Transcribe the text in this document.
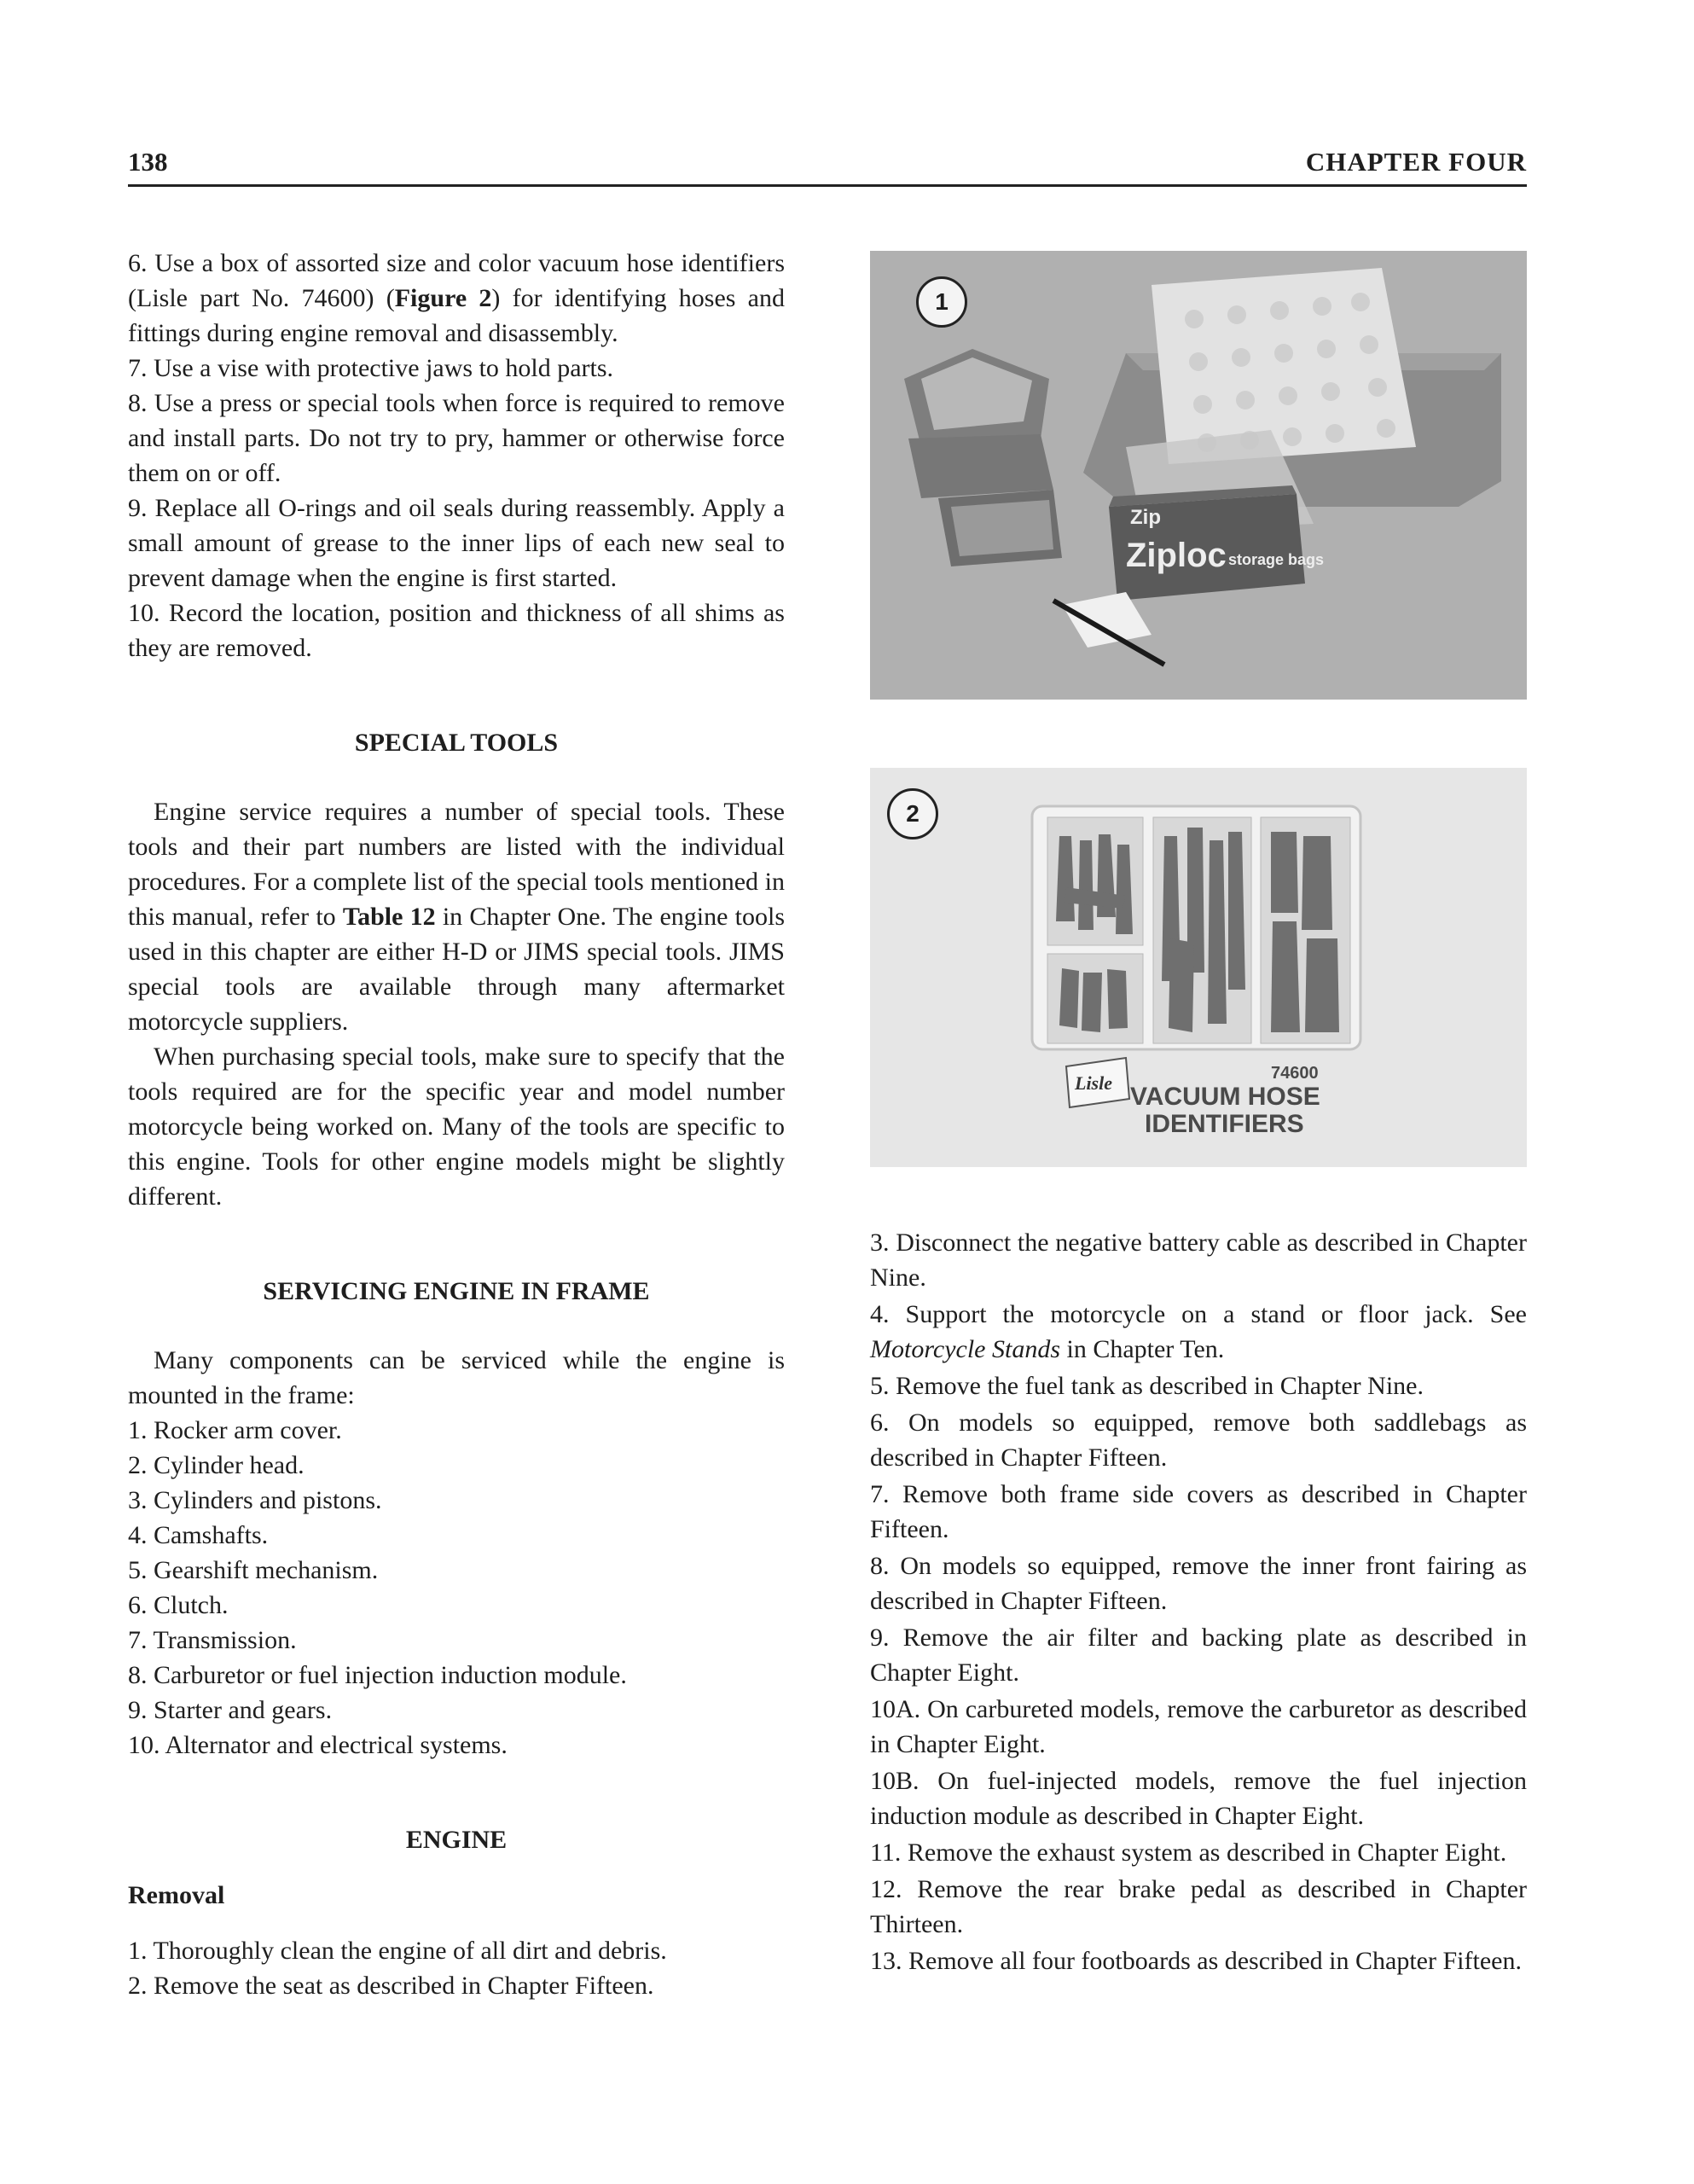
138	CHAPTER FOUR

6. Use a box of assorted size and color vacuum hose identifiers (Lisle part No. 74600) (Figure 2) for identifying hoses and fittings during engine removal and disassembly.

7. Use a vise with protective jaws to hold parts.

8. Use a press or special tools when force is required to remove and install parts. Do not try to pry, hammer or otherwise force them on or off.

9. Replace all O-rings and oil seals during reassembly. Apply a small amount of grease to the inner lips of each new seal to prevent damage when the engine is first started.

10. Record the location, position and thickness of all shims as they are removed.

SPECIAL TOOLS

Engine service requires a number of special tools. These tools and their part numbers are listed with the individual procedures. For a complete list of the special tools mentioned in this manual, refer to Table 12 in Chapter One. The engine tools used in this chapter are either H-D or JIMS special tools. JIMS special tools are available through many aftermarket motorcycle suppliers.

When purchasing special tools, make sure to specify that the tools required are for the specific year and model number motorcycle being worked on. Many of the tools are specific to this engine. Tools for other engine models might be slightly different.

SERVICING ENGINE IN FRAME

Many components can be serviced while the engine is mounted in the frame:

1. Rocker arm cover.
2. Cylinder head.
3. Cylinders and pistons.
4. Camshafts.
5. Gearshift mechanism.
6. Clutch.
7. Transmission.
8. Carburetor or fuel injection induction module.
9. Starter and gears.
10. Alternator and electrical systems.

ENGINE

Removal

1. Thoroughly clean the engine of all dirt and debris.
2. Remove the seat as described in Chapter Fifteen.
Ziploc
Zip
storage bags
1
74600
Lisle VACUUM HOSE
IDENTIFIERS
2
3. Disconnect the negative battery cable as described in Chapter Nine.
4. Support the motorcycle on a stand or floor jack. See Motorcycle Stands in Chapter Ten.
5. Remove the fuel tank as described in Chapter Nine.
6. On models so equipped, remove both saddlebags as described in Chapter Fifteen.
7. Remove both frame side covers as described in Chapter Fifteen.
8. On models so equipped, remove the inner front fairing as described in Chapter Fifteen.
9. Remove the air filter and backing plate as described in Chapter Eight.
10A. On carbureted models, remove the carburetor as described in Chapter Eight.
10B. On fuel-injected models, remove the fuel injection induction module as described in Chapter Eight.
11. Remove the exhaust system as described in Chapter Eight.
12. Remove the rear brake pedal as described in Chapter Thirteen.
13. Remove all four footboards as described in Chapter Fifteen.
